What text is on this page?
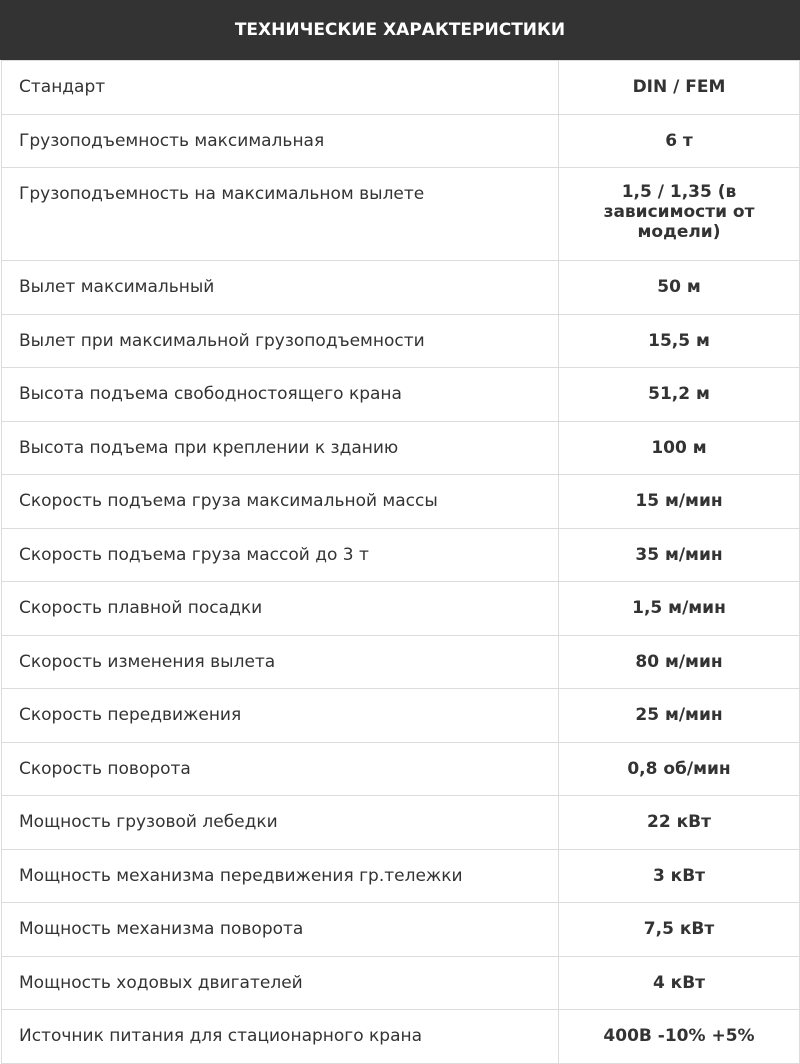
ТЕХНИЧЕСКИЕ ХАРАКТЕРИСТИКИ
Стандарт	DIN / FEM
Грузоподъемность максимальная	6 т
Грузоподъемность на максимальном вылете	1,5 / 1,35 (в зависимости от модели)
Вылет максимальный	50 м
Вылет при максимальной грузоподъемности	15,5 м
Высота подъема свободностоящего крана	51,2 м
Высота подъема при креплении к зданию	100 м
Скорость подъема груза максимальной массы	15 м/мин
Скорость подъема груза массой до 3 т	35 м/мин
Скорость плавной посадки	1,5 м/мин
Скорость изменения вылета	80 м/мин
Скорость передвижения	25 м/мин
Скорость поворота	0,8 об/мин
Мощность грузовой лебедки	22 кВт
Мощность механизма передвижения гр.тележки	3 кВт
Мощность механизма поворота	7,5 кВт
Мощность ходовых двигателей	4 кВт
Источник питания для стационарного крана	400В -10% +5%
